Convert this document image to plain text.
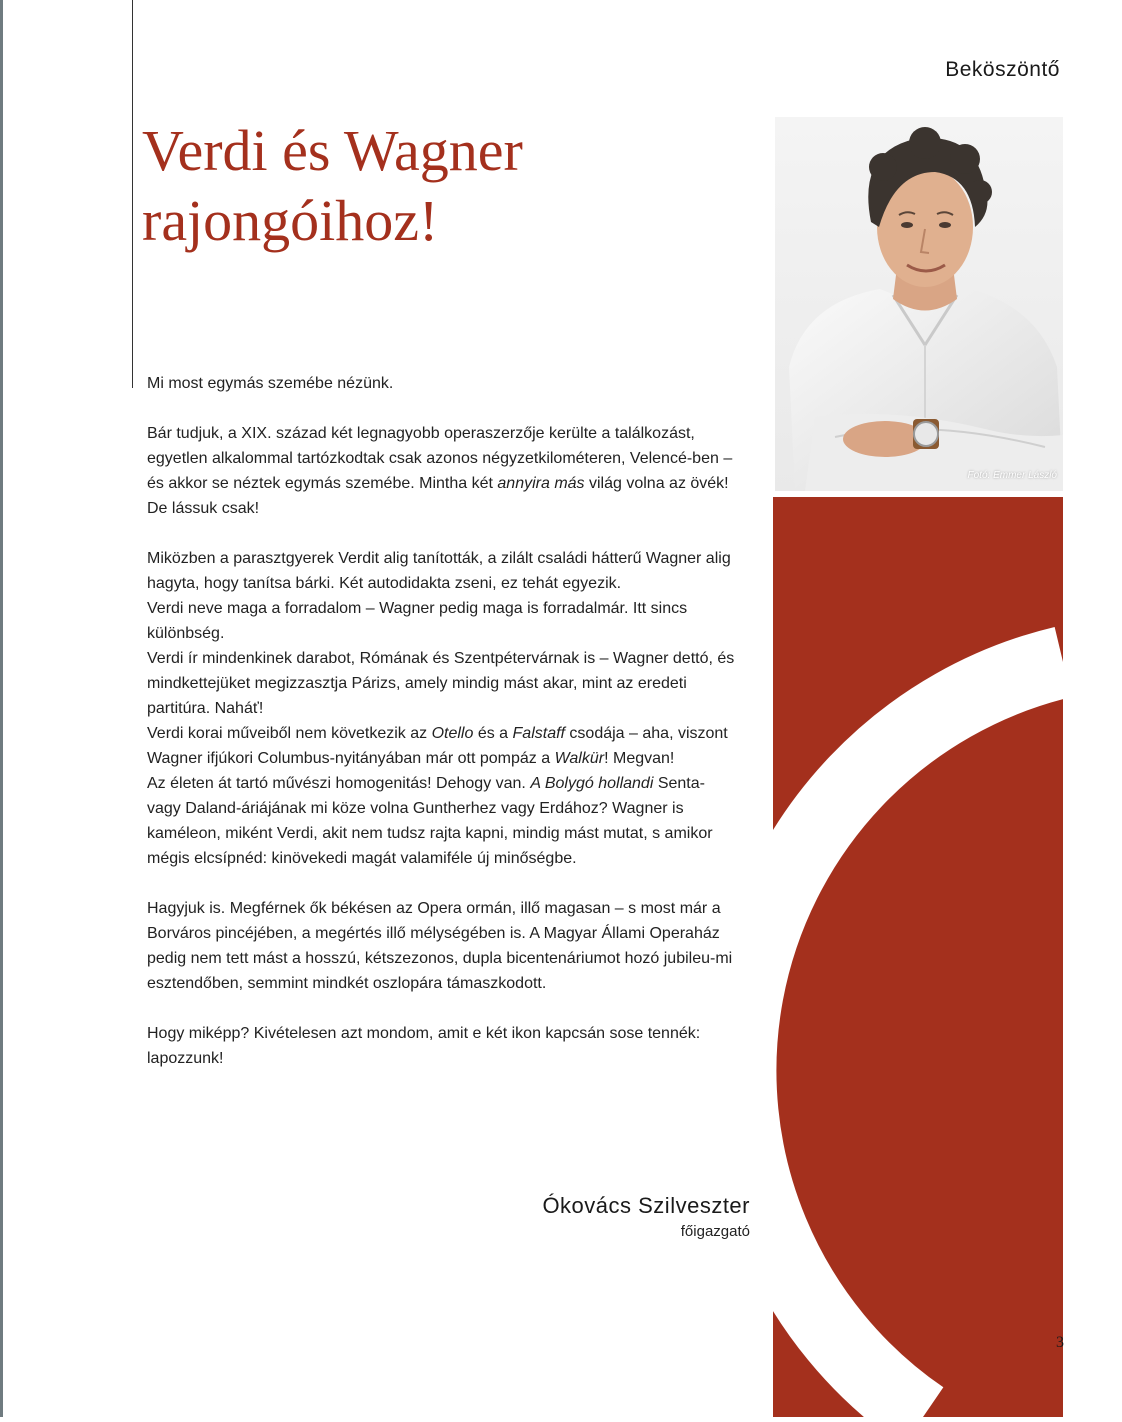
Beköszöntő
Verdi és Wagner
rajongóihoz!
Fotó: Emmer László

Mi most egymás szemébe nézünk.

Bár tudjuk, a XIX. század két legnagyobb operaszerzője kerülte a találkozást, egyetlen alkalommal tartózkodtak csak azonos négyzetkilométeren, Velencé-ben – és akkor se néztek egymás szemébe. Mintha két annyira más világ volna az övék! De lássuk csak!

Miközben a parasztgyerek Verdit alig tanították, a zilált családi hátterű Wagner alig hagyta, hogy tanítsa bárki. Két autodidakta zseni, ez tehát egyezik.
Verdi neve maga a forradalom – Wagner pedig maga is forradalmár. Itt sincs különbség.
Verdi ír mindenkinek darabot, Rómának és Szentpétervárnak is – Wagner dettó, és mindkettejüket megizzasztja Párizs, amely mindig mást akar, mint az eredeti partitúra. Naháť!
Verdi korai műveiből nem következik az Otello és a Falstaff csodája – aha, viszont Wagner ifjúkori Columbus-nyitányában már ott pompáz a Walkür! Megvan!
Az életen át tartó művészi homogenitás! Dehogy van. A Bolygó hollandi Senta- vagy Daland-áriájának mi köze volna Guntherhez vagy Erdához? Wagner is kaméleon, miként Verdi, akit nem tudsz rajta kapni, mindig mást mutat, s amikor mégis elcsípnéd: kinövekedi magát valamiféle új minőségbe.

Hagyjuk is. Megférnek ők békésen az Opera ormán, illő magasan – s most már a Borváros pincéjében, a megértés illő mélységében is. A Magyar Állami Operaház pedig nem tett mást a hosszú, kétszezonos, dupla bicentenáriumot hozó jubileu-mi esztendőben, semmint mindkét oszlopára támaszkodott.

Hogy miképp? Kivételesen azt mondom, amit e két ikon kapcsán sose tennék: lapozzunk!

Ókovács Szilveszter
főigazgató
3
